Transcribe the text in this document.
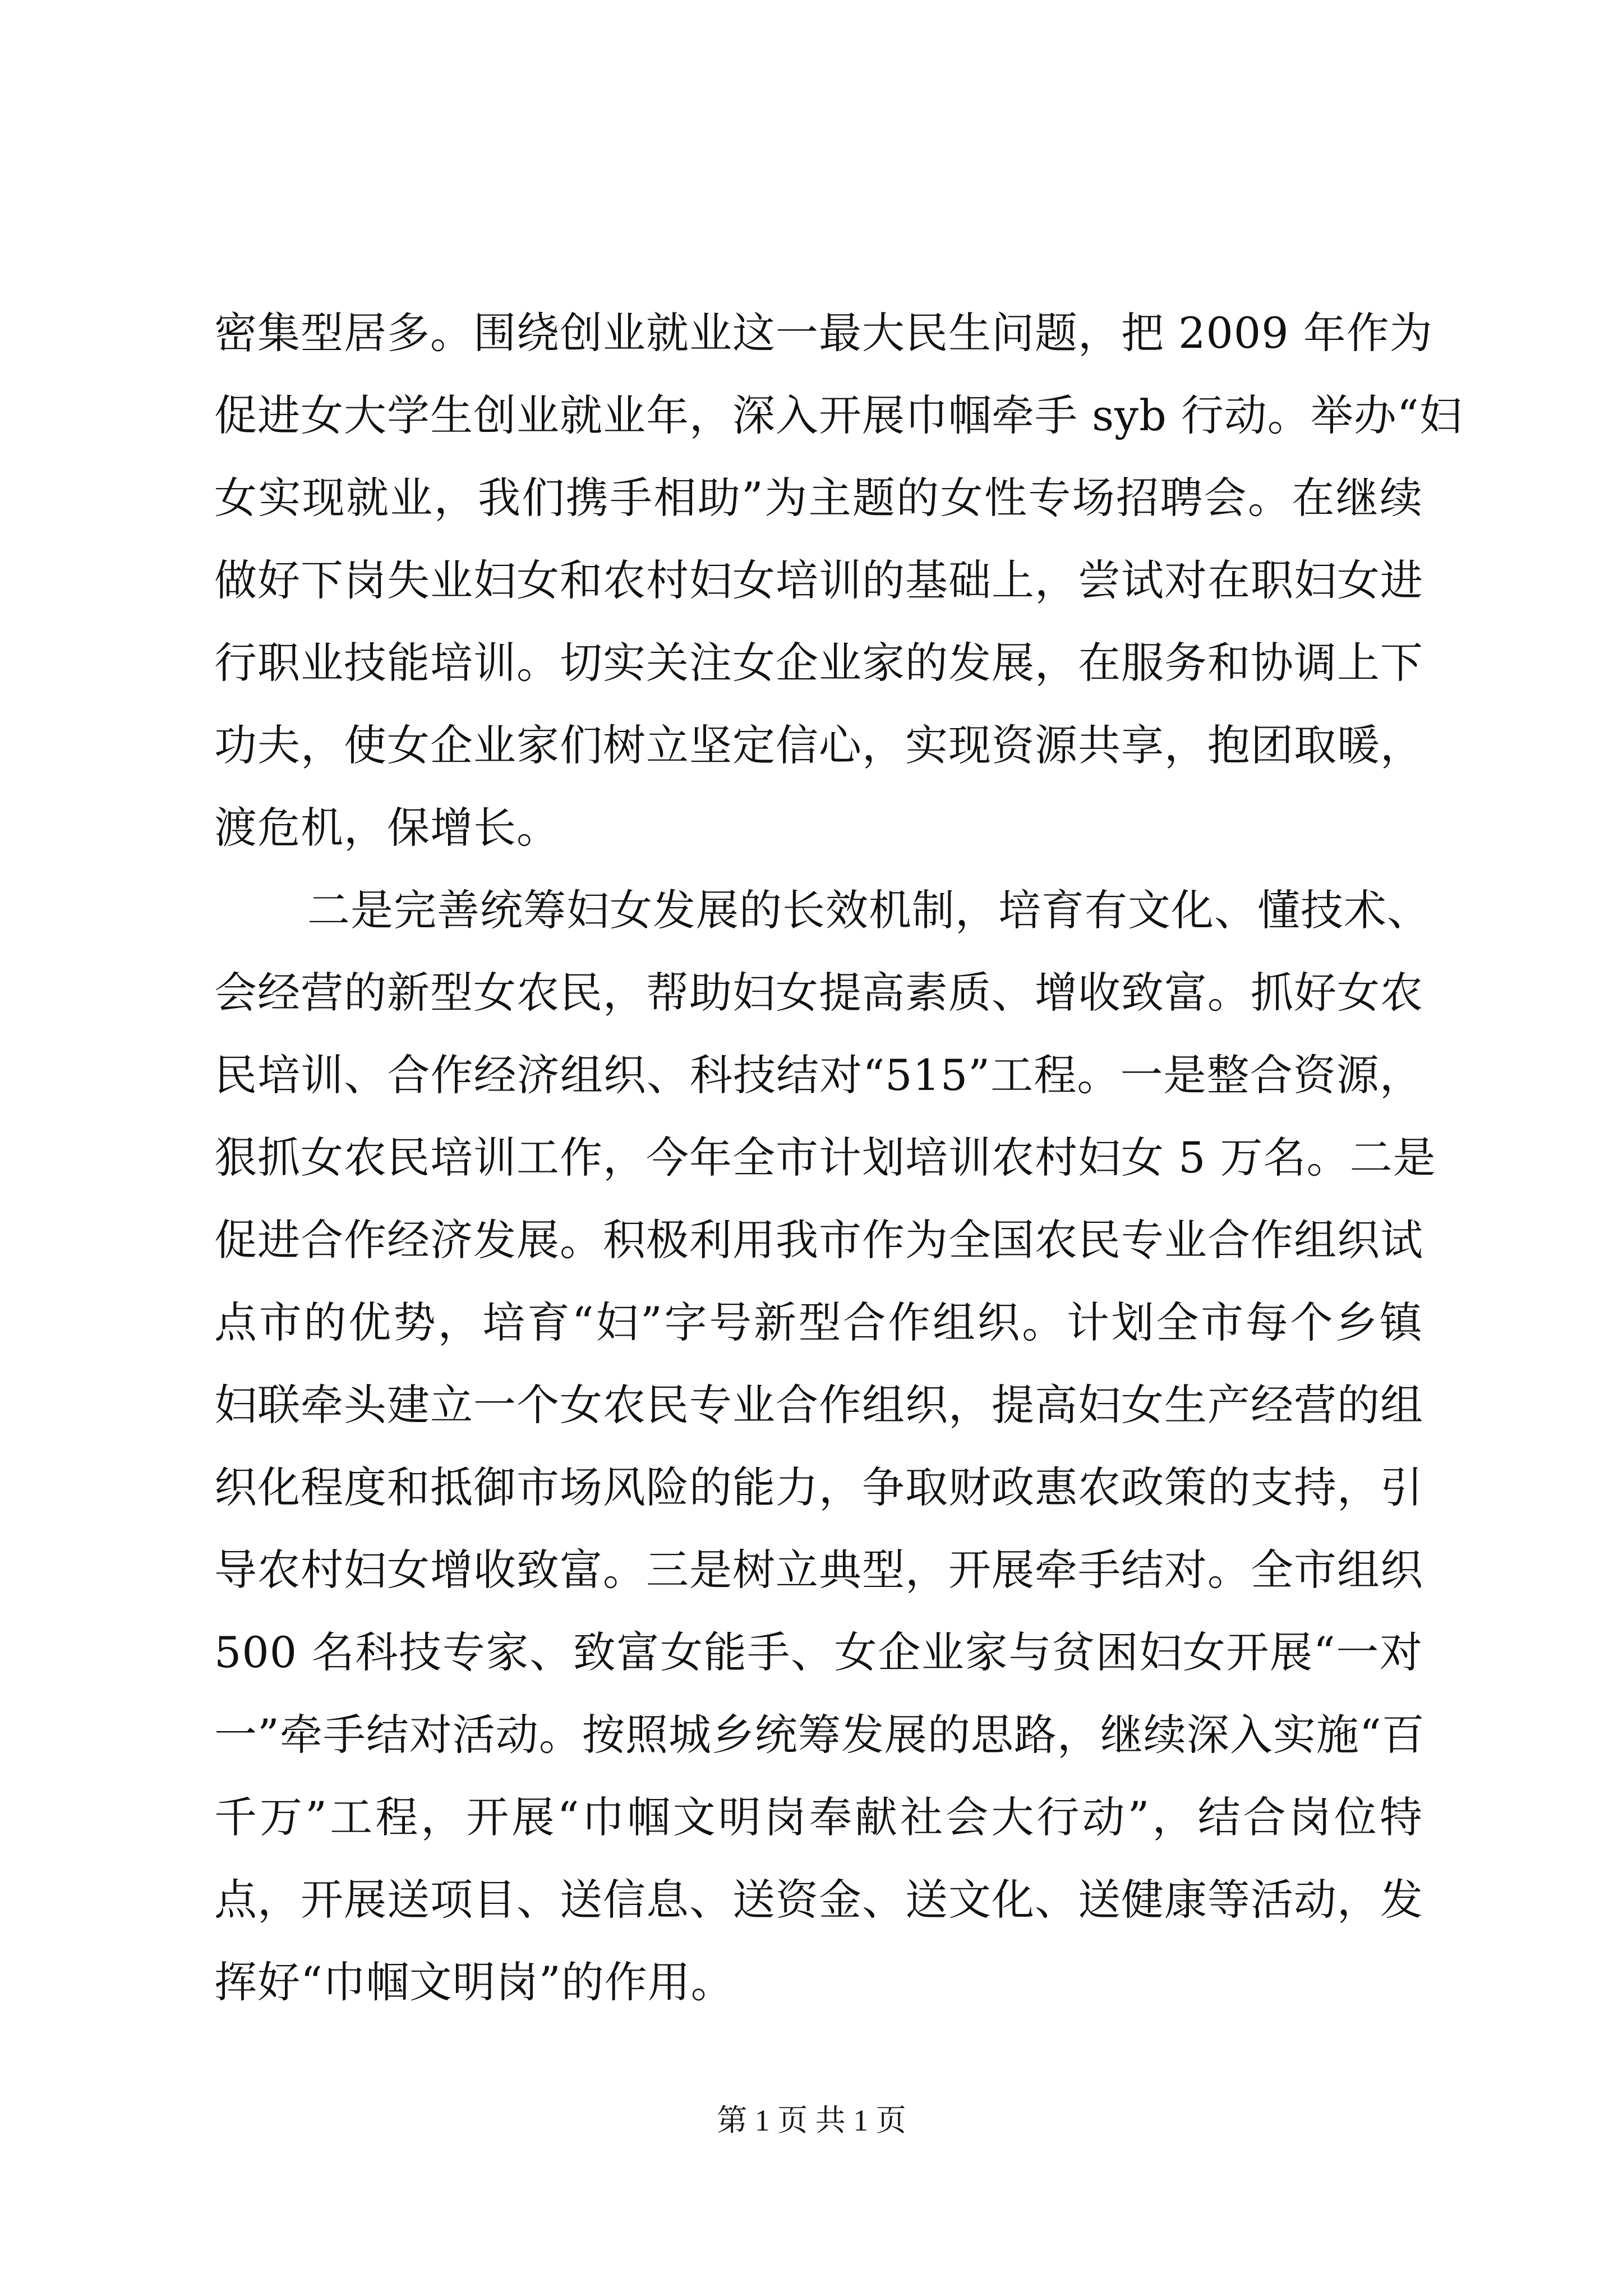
密集型居多。围绕创业就业这一最大民生问题，把 2009 年作为
促进女大学生创业就业年，深入开展巾帼牵手 syb 行动。举办“妇
女实现就业，我们携手相助”为主题的女性专场招聘会。在继续
做好下岗失业妇女和农村妇女培训的基础上，尝试对在职妇女进
行职业技能培训。切实关注女企业家的发展，在服务和协调上下
功夫，使女企业家们树立坚定信心，实现资源共享，抱团取暖，
渡危机，保增长。
二是完善统筹妇女发展的长效机制，培育有文化、懂技术、
会经营的新型女农民，帮助妇女提高素质、增收致富。抓好女农
民培训、合作经济组织、科技结对“515”工程。一是整合资源，
狠抓女农民培训工作，今年全市计划培训农村妇女 5 万名。二是
促进合作经济发展。积极利用我市作为全国农民专业合作组织试
点市的优势，培育“妇”字号新型合作组织。计划全市每个乡镇
妇联牵头建立一个女农民专业合作组织，提高妇女生产经营的组
织化程度和抵御市场风险的能力，争取财政惠农政策的支持，引
导农村妇女增收致富。三是树立典型，开展牵手结对。全市组织
500 名科技专家、致富女能手、女企业家与贫困妇女开展“一对
一”牵手结对活动。按照城乡统筹发展的思路，继续深入实施“百
千万”工程，开展“巾帼文明岗奉献社会大行动”，结合岗位特
点，开展送项目、送信息、送资金、送文化、送健康等活动，发
挥好“巾帼文明岗”的作用。
第 1 页 共 1 页
